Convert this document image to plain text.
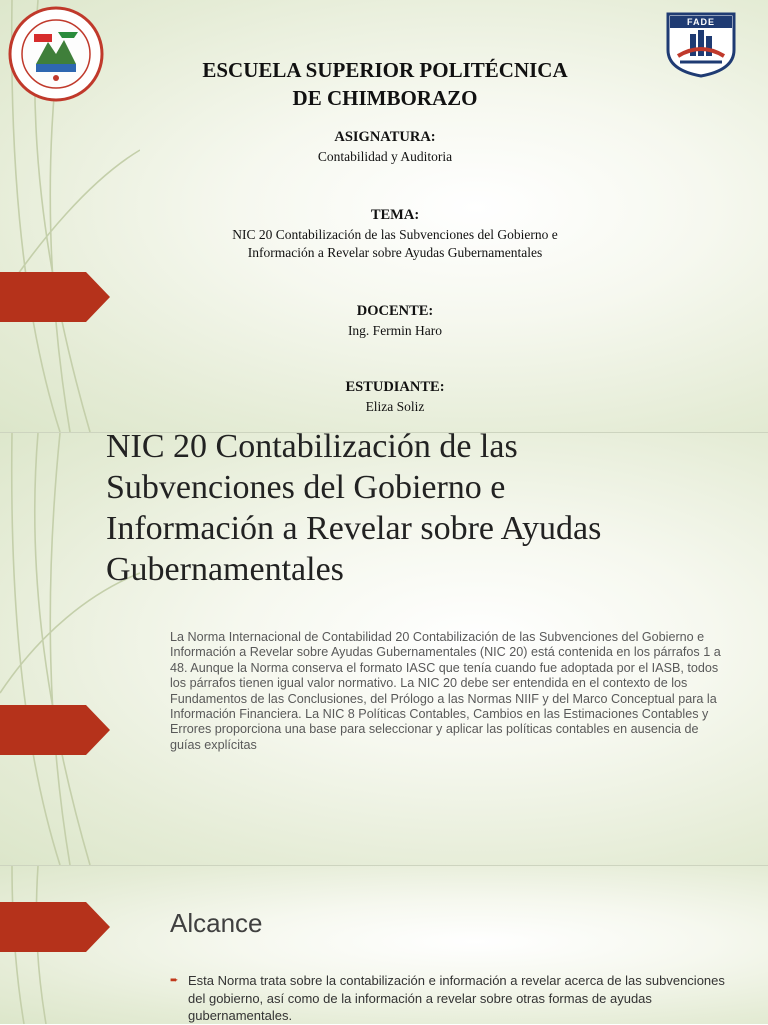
FADE
ESCUELA SUPERIOR POLITÉCNICA
DE CHIMBORAZO
ASIGNATURA:
Contabilidad y Auditoria
TEMA:
NIC 20 Contabilización de las Subvenciones del Gobierno e
Información a Revelar sobre Ayudas Gubernamentales
DOCENTE:
Ing. Fermin Haro
ESTUDIANTE:
Eliza Soliz
NIC 20 Contabilización de las
Subvenciones del Gobierno e
Información a Revelar sobre Ayudas
Gubernamentales
La Norma Internacional de Contabilidad 20 Contabilización de las Subvenciones del Gobierno e Información a Revelar sobre Ayudas Gubernamentales (NIC 20) está contenida en los párrafos 1 a 48. Aunque la Norma conserva el formato IASC que tenía cuando fue adoptada por el IASB, todos los párrafos tienen igual valor normativo. La NIC 20 debe ser entendida en el contexto de los Fundamentos de las Conclusiones, del Prólogo a las Normas NIIF y del Marco Conceptual para la Información Financiera. La NIC 8 Políticas Contables, Cambios en las Estimaciones Contables y Errores proporciona una base para seleccionar y aplicar las políticas contables en ausencia de guías explícitas
Alcance
➨ Esta Norma trata sobre la contabilización e información a revelar acerca de las subvenciones del gobierno, así como de la información a revelar sobre otras formas de ayudas gubernamentales.
